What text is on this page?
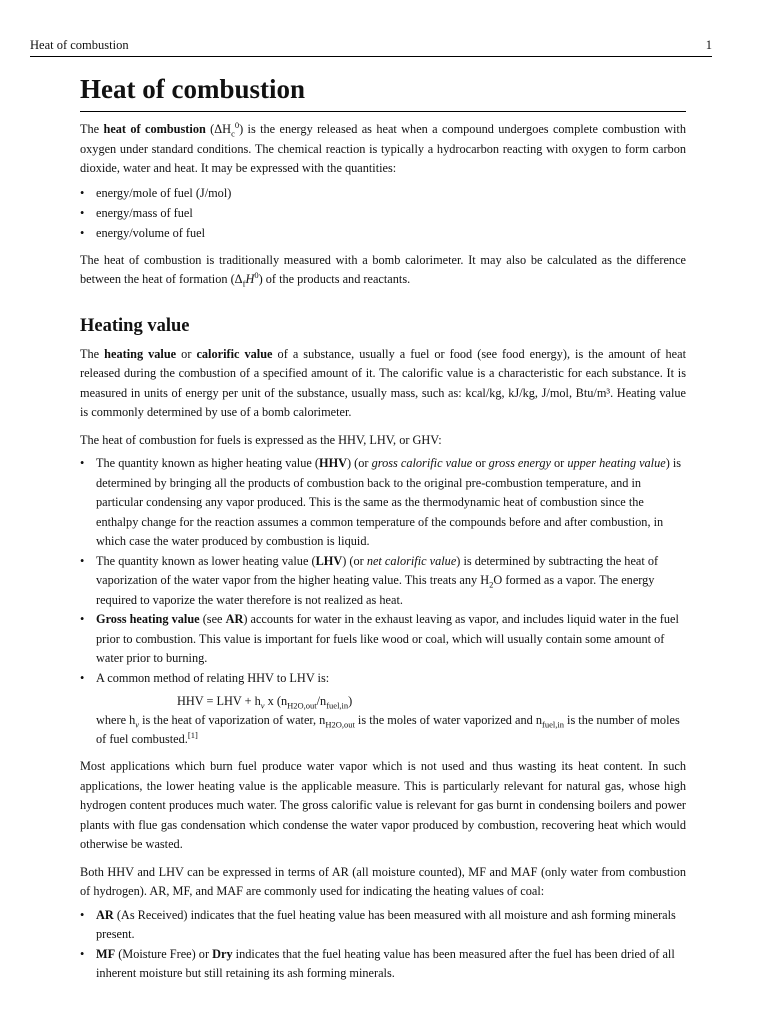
Heat of combustion	1
Heat of combustion

The heat of combustion $(\Delta H_c^0)$ is the energy released as heat when a compound undergoes complete combustion with oxygen under standard conditions. The chemical reaction is typically a hydrocarbon reacting with oxygen to form carbon dioxide, water and heat. It may be expressed with the quantities:

• energy/mole of fuel (J/mol)
• energy/mass of fuel
• energy/volume of fuel

The heat of combustion is traditionally measured with a bomb calorimeter. It may also be calculated as the difference between the heat of formation $(\Delta_fH^0)$ of the products and reactants.

Heating value

The heating value or calorific value of a substance, usually a fuel or food (see food energy), is the amount of heat released during the combustion of a specified amount of it. The calorific value is a characteristic for each substance. It is measured in units of energy per unit of the substance, usually mass, such as: kcal/kg, kJ/kg, J/mol, Btu/m³. Heating value is commonly determined by use of a bomb calorimeter.

The heat of combustion for fuels is expressed as the HHV, LHV, or GHV:

• The quantity known as higher heating value (HHV) (or gross calorific value or gross energy or upper heating value) is determined by bringing all the products of combustion back to the original pre-combustion temperature, and in particular condensing any vapor produced. This is the same as the thermodynamic heat of combustion since the enthalpy change for the reaction assumes a common temperature of the compounds before and after combustion, in which case the water produced by combustion is liquid.
• The quantity known as lower heating value (LHV) (or net calorific value) is determined by subtracting the heat of vaporization of the water vapor from the higher heating value. This treats any $H_2O$ formed as a vapor. The energy required to vaporize the water therefore is not realized as heat.
• Gross heating value (see AR) accounts for water in the exhaust leaving as vapor, and includes liquid water in the fuel prior to combustion. This value is important for fuels like wood or coal, which will usually contain some amount of water prior to burning.
• A common method of relating HHV to LHV is:
HHV = LHV + $h_v$ x $(n_{H2O,out}/n_{fuel,in})$
where $h_v$ is the heat of vaporization of water, $n_{H2O,out}$ is the moles of water vaporized and $n_{fuel,in}$ is the number of moles of fuel combusted.[1]

Most applications which burn fuel produce water vapor which is not used and thus wasting its heat content. In such applications, the lower heating value is the applicable measure. This is particularly relevant for natural gas, whose high hydrogen content produces much water. The gross calorific value is relevant for gas burnt in condensing boilers and power plants with flue gas condensation which condense the water vapor produced by combustion, recovering heat which would otherwise be wasted.

Both HHV and LHV can be expressed in terms of AR (all moisture counted), MF and MAF (only water from combustion of hydrogen). AR, MF, and MAF are commonly used for indicating the heating values of coal:

• AR (As Received) indicates that the fuel heating value has been measured with all moisture and ash forming minerals present.
• MF (Moisture Free) or Dry indicates that the fuel heating value has been measured after the fuel has been dried of all inherent moisture but still retaining its ash forming minerals.
